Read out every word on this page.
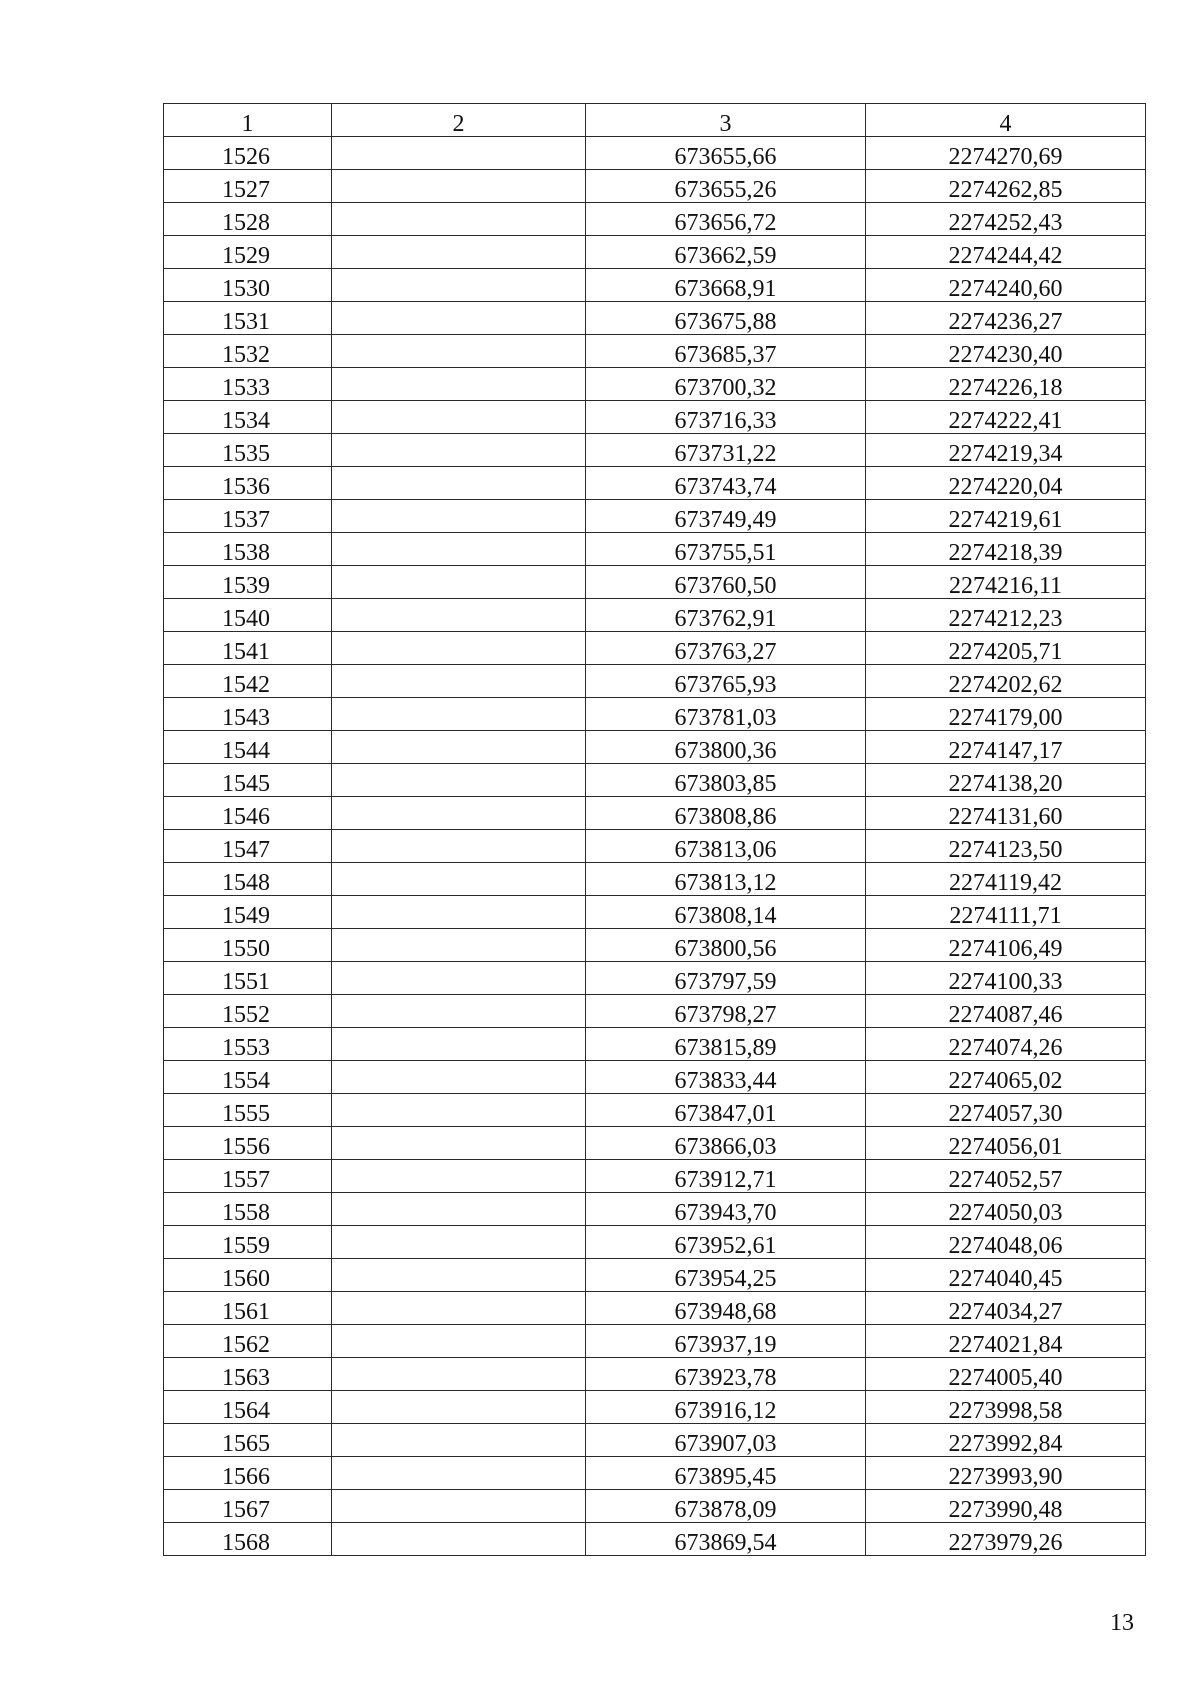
1	2	3	4
1526		673655,66	2274270,69
1527		673655,26	2274262,85
1528		673656,72	2274252,43
1529		673662,59	2274244,42
1530		673668,91	2274240,60
1531		673675,88	2274236,27
1532		673685,37	2274230,40
1533		673700,32	2274226,18
1534		673716,33	2274222,41
1535		673731,22	2274219,34
1536		673743,74	2274220,04
1537		673749,49	2274219,61
1538		673755,51	2274218,39
1539		673760,50	2274216,11
1540		673762,91	2274212,23
1541		673763,27	2274205,71
1542		673765,93	2274202,62
1543		673781,03	2274179,00
1544		673800,36	2274147,17
1545		673803,85	2274138,20
1546		673808,86	2274131,60
1547		673813,06	2274123,50
1548		673813,12	2274119,42
1549		673808,14	2274111,71
1550		673800,56	2274106,49
1551		673797,59	2274100,33
1552		673798,27	2274087,46
1553		673815,89	2274074,26
1554		673833,44	2274065,02
1555		673847,01	2274057,30
1556		673866,03	2274056,01
1557		673912,71	2274052,57
1558		673943,70	2274050,03
1559		673952,61	2274048,06
1560		673954,25	2274040,45
1561		673948,68	2274034,27
1562		673937,19	2274021,84
1563		673923,78	2274005,40
1564		673916,12	2273998,58
1565		673907,03	2273992,84
1566		673895,45	2273993,90
1567		673878,09	2273990,48
1568		673869,54	2273979,26
13
